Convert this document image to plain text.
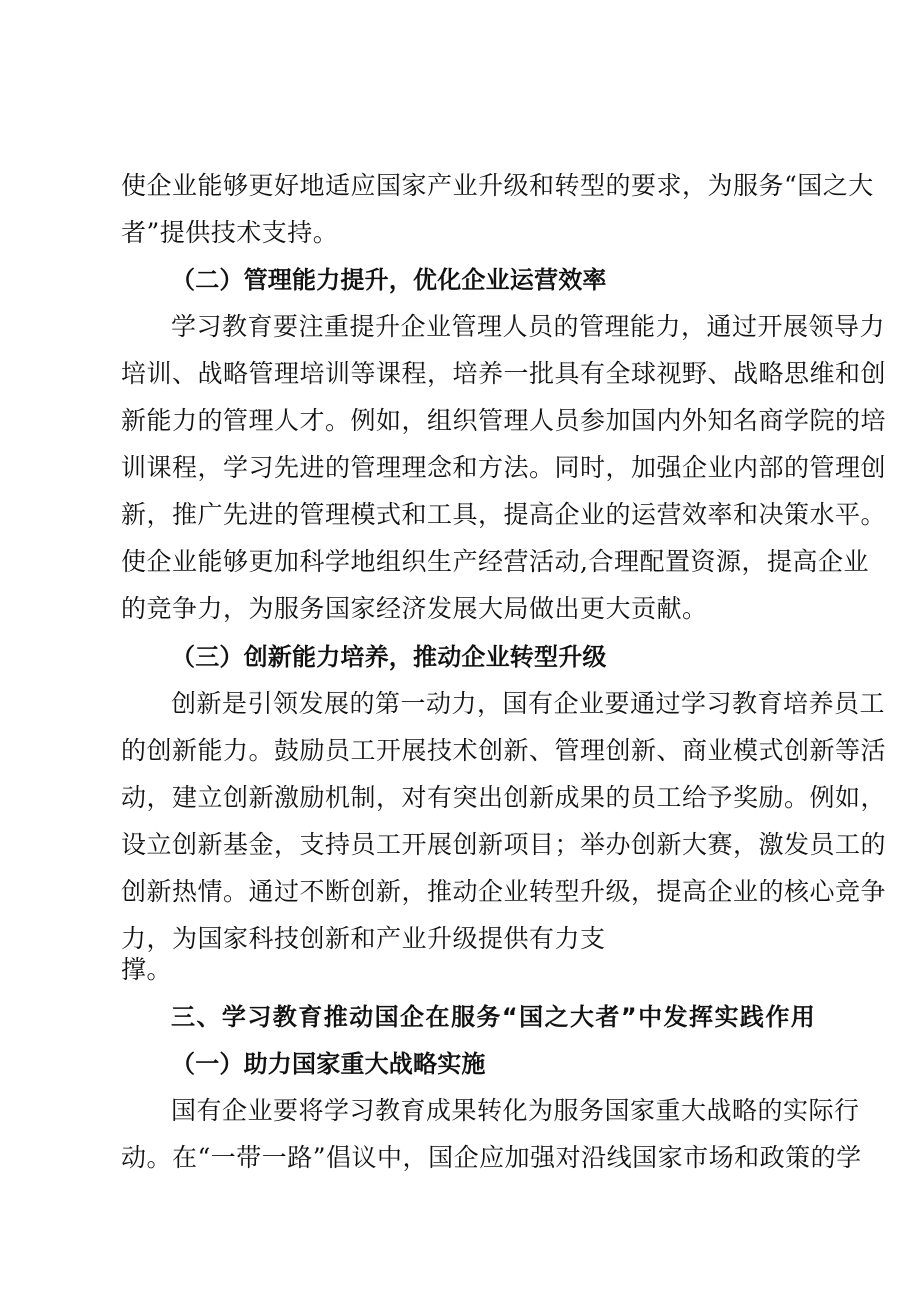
使企业能够更好地适应国家产业升级和转型的要求，为服务“国之大
者”提供技术支持。
（二）管理能力提升，优化企业运营效率
学习教育要注重提升企业管理人员的管理能力，通过开展领导力
培训、战略管理培训等课程，培养一批具有全球视野、战略思维和创
新能力的管理人才。例如，组织管理人员参加国内外知名商学院的培
训课程，学习先进的管理理念和方法。同时，加强企业内部的管理创
新，推广先进的管理模式和工具，提高企业的运营效率和决策水平。
使企业能够更加科学地组织生产经营活动,合理配置资源，提高企业
的竞争力，为服务国家经济发展大局做出更大贡献。
（三）创新能力培养，推动企业转型升级
创新是引领发展的第一动力，国有企业要通过学习教育培养员工
的创新能力。鼓励员工开展技术创新、管理创新、商业模式创新等活
动，建立创新激励机制，对有突出创新成果的员工给予奖励。例如，
设立创新基金，支持员工开展创新项目；举办创新大赛，激发员工的
创新热情。通过不断创新，推动企业转型升级，提高企业的核心竞争
力，为国家科技创新和产业升级提供有力支
撑。
三、学习教育推动国企在服务“国之大者”中发挥实践作用
（一）助力国家重大战略实施
国有企业要将学习教育成果转化为服务国家重大战略的实际行
动。在“一带一路”倡议中，国企应加强对沿线国家市场和政策的学
